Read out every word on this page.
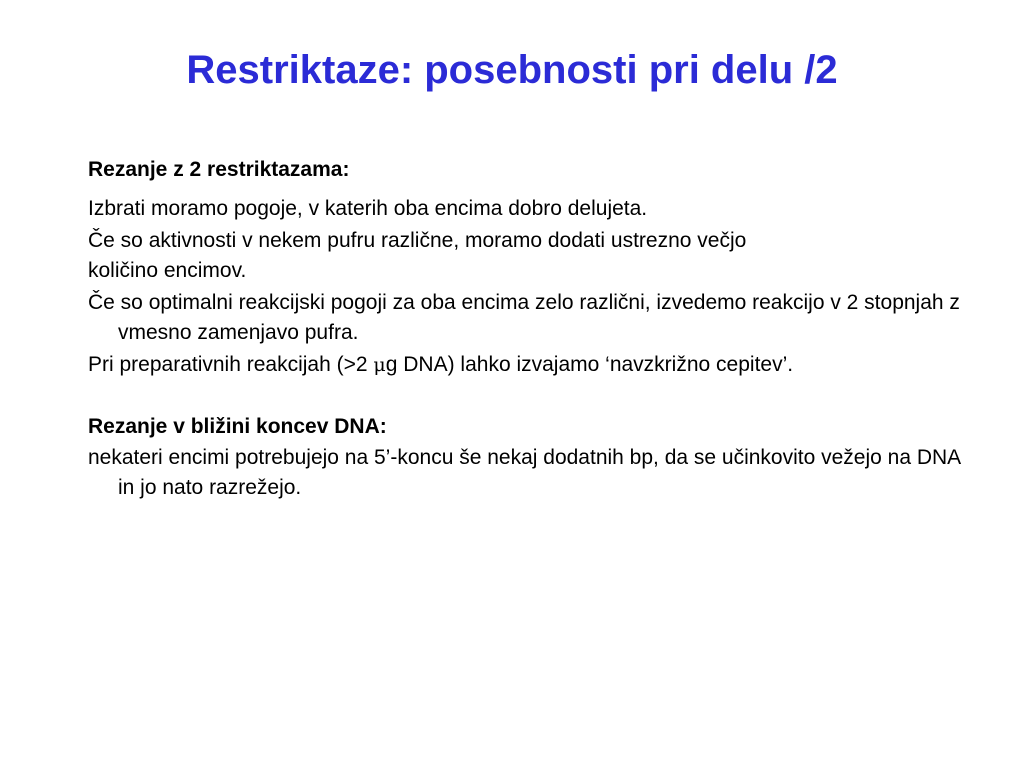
Restriktaze: posebnosti pri delu /2

Rezanje z 2 restriktazama:

Izbrati moramo pogoje, v katerih oba encima dobro delujeta.

Če so aktivnosti v nekem pufru različne, moramo dodati ustrezno večjo
količino encimov.

Če so optimalni reakcijski pogoji za oba encima zelo različni, izvedemo reakcijo v 2 stopnjah z vmesno zamenjavo pufra.

Pri preparativnih reakcijah (>2 μg DNA) lahko izvajamo ‘navzkrižno cepitev’.

Rezanje v bližini koncev DNA:

nekateri encimi potrebujejo na 5’-koncu še nekaj dodatnih bp, da se učinkovito vežejo na DNA in jo nato razrežejo.
